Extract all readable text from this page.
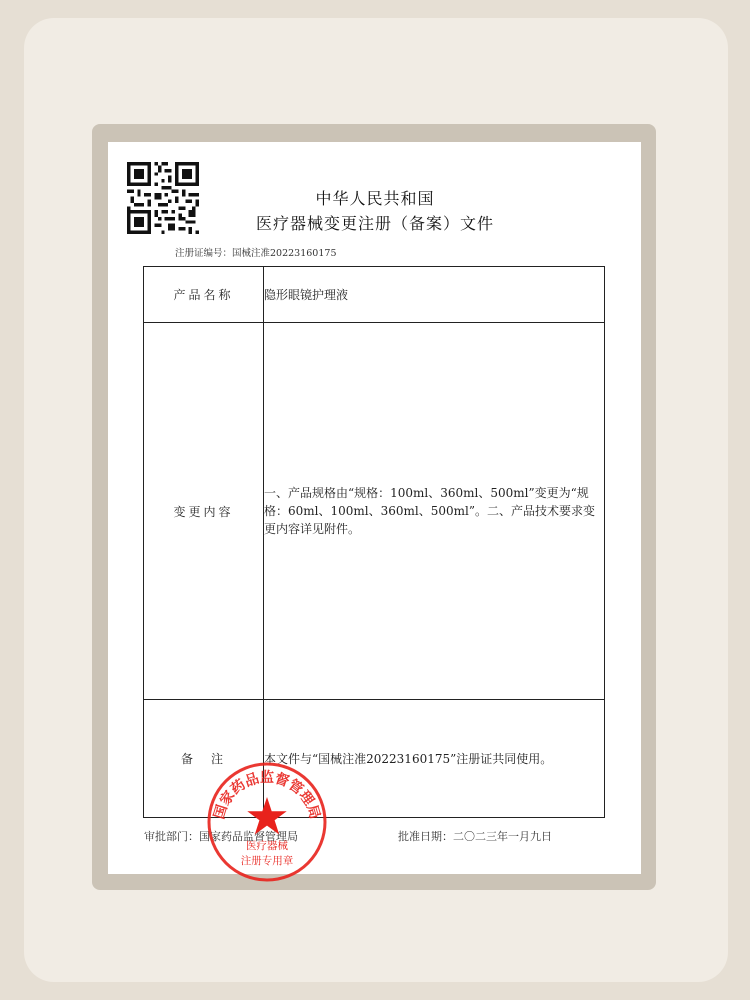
中华人民共和国
医疗器械变更注册（备案）文件
注册证编号：国械注准20223160175
产品名称	隐形眼镜护理液
变更内容	一、产品规格由“规格：100ml、360ml、500ml”变更为“规格：60ml、100ml、360ml、500ml”。二、产品技术要求变更内容详见附件。
备　注	本文件与“国械注准20223160175”注册证共同使用。
审批部门：国家药品监督管理局	批准日期：二〇二三年一月九日
国家药品监督管理局
医疗器械
注册专用章
